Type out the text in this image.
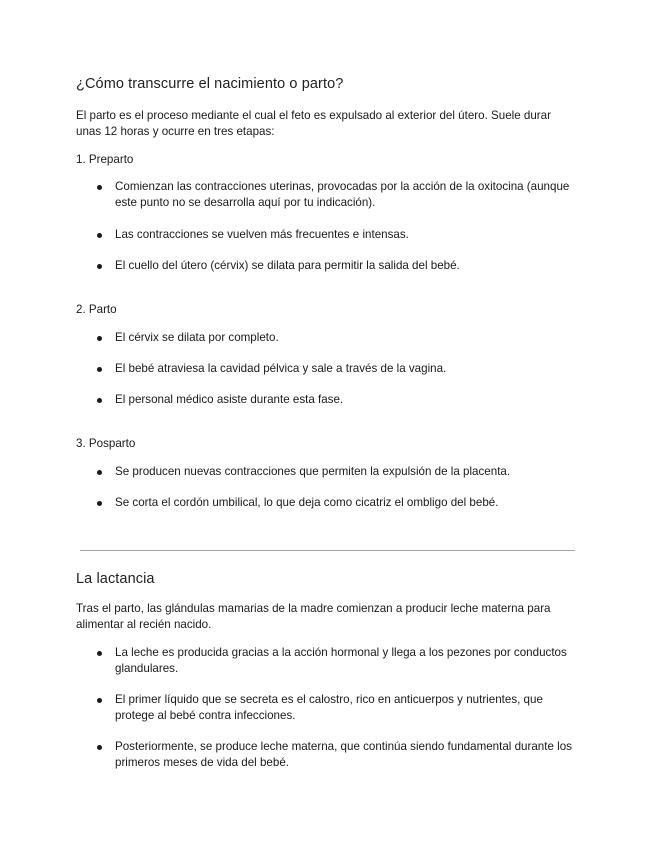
¿Cómo transcurre el nacimiento o parto?

El parto es el proceso mediante el cual el feto es expulsado al exterior del útero. Suele durar unas 12 horas y ocurre en tres etapas:

1. Preparto

Comienzan las contracciones uterinas, provocadas por la acción de la oxitocina (aunque este punto no se desarrolla aquí por tu indicación).
Las contracciones se vuelven más frecuentes e intensas.
El cuello del útero (cérvix) se dilata para permitir la salida del bebé.

2. Parto

El cérvix se dilata por completo.
El bebé atraviesa la cavidad pélvica y sale a través de la vagina.
El personal médico asiste durante esta fase.

3. Posparto

Se producen nuevas contracciones que permiten la expulsión de la placenta.
Se corta el cordón umbilical, lo que deja como cicatriz el ombligo del bebé.
La lactancia

Tras el parto, las glándulas mamarias de la madre comienzan a producir leche materna para alimentar al recién nacido.

La leche es producida gracias a la acción hormonal y llega a los pezones por conductos glandulares.
El primer líquido que se secreta es el calostro, rico en anticuerpos y nutrientes, que protege al bebé contra infecciones.
Posteriormente, se produce leche materna, que continúa siendo fundamental durante los primeros meses de vida del bebé.
